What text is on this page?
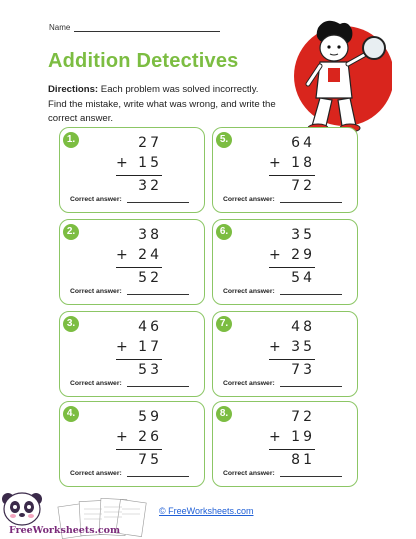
Name
Addition Detectives
Directions: Each problem was solved incorrectly. Find the mistake, write what was wrong, and write the correct answer.
1.	27
+ 15
32
Correct answer:
2.	38
+ 24
52
Correct answer:
3.	46
+ 17
53
Correct answer:
4.	59
+ 26
75
Correct answer:
5.	64
+ 18
72
Correct answer:
6.	35
+ 29
54
Correct answer:
7.	48
+ 35
73
Correct answer:
8.	72
+ 19
81
Correct answer:
FreeWorksheets.com
© FreeWorksheets.com
